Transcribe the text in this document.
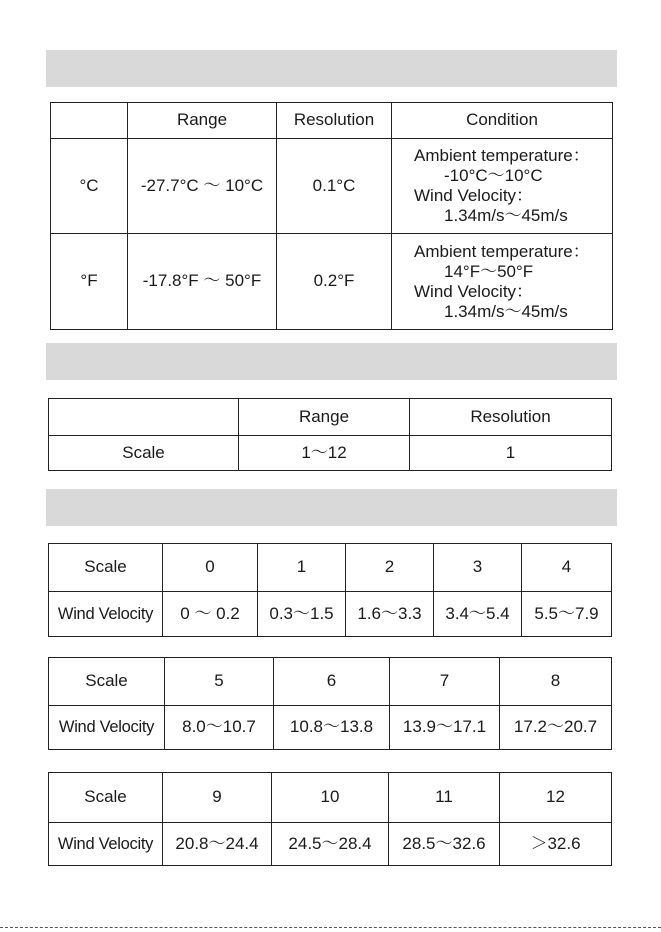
	Range	Resolution	Condition
°C	-27.7°C ～ 10°C	0.1°C	Ambient temperature：
-10°C～10°C
Wind Velocity：
1.34m/s～45m/s

°F	-17.8°F ～ 50°F	0.2°F	Ambient temperature：
14°F～50°F
Wind Velocity：
1.34m/s～45m/s
	Range	Resolution
Scale	1～12	1
Scale	0	1	2	3	4
Wind Velocity	0 ～ 0.2	0.3～1.5	1.6～3.3	3.4～5.4	5.5～7.9
Scale	5	6	7	8
Wind Velocity	8.0～10.7	10.8～13.8	13.9～17.1	17.2～20.7
Scale	9	10	11	12
Wind Velocity	20.8～24.4	24.5～28.4	28.5～32.6	＞32.6
